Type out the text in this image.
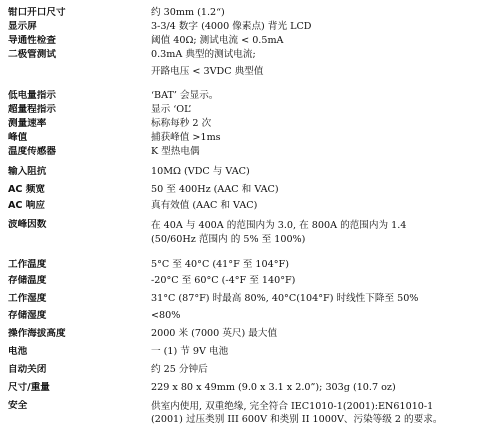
钳口开口尺寸	约 30mm (1.2“)
显示屏	3-3/4 数字 (4000 像素点) 背光 LCD
导通性检查	阈值 40Ω; 测试电流 < 0.5mA
二极管测试	0.3mA 典型的测试电流;
开路电压 < 3VDC 典型值
低电量指示	‘BAT’ 会显示。
超量程指示	显示 ‘OL’
测量速率	标称每秒 2 次
峰值	捕获峰值 >1ms
温度传感器	K 型热电偶
输入阻抗	10MΩ (VDC 与 VAC)
AC 频宽	50 至 400Hz (AAC 和 VAC)
AC 响应	真有效值 (AAC 和 VAC)
波峰因数	在 40A 与 400A 的范围内为 3.0, 在 800A 的范围内为 1.4
(50/60Hz 范围内 的 5% 至 100%)
工作温度	5°C 至 40°C (41°F 至 104°F)
存储温度	-20°C 至 60°C (-4°F 至 140°F)
工作湿度	31°C (87°F) 时最高 80%, 40°C(104°F) 时线性下降至 50%
存储湿度	<80%
操作海拔高度	2000 米 (7000 英尺) 最大值
电池	一 (1) 节 9V 电池
自动关闭	约 25 分钟后
尺寸/重量	229 x 80 x 49mm (9.0 x 3.1 x 2.0”); 303g (10.7 oz)
安全	供室内使用, 双重绝缘, 完全符合 IEC1010-1(2001):EN61010-1
(2001) 过压类别 III 600V 和类别 II 1000V、污染等级 2 的要求。
